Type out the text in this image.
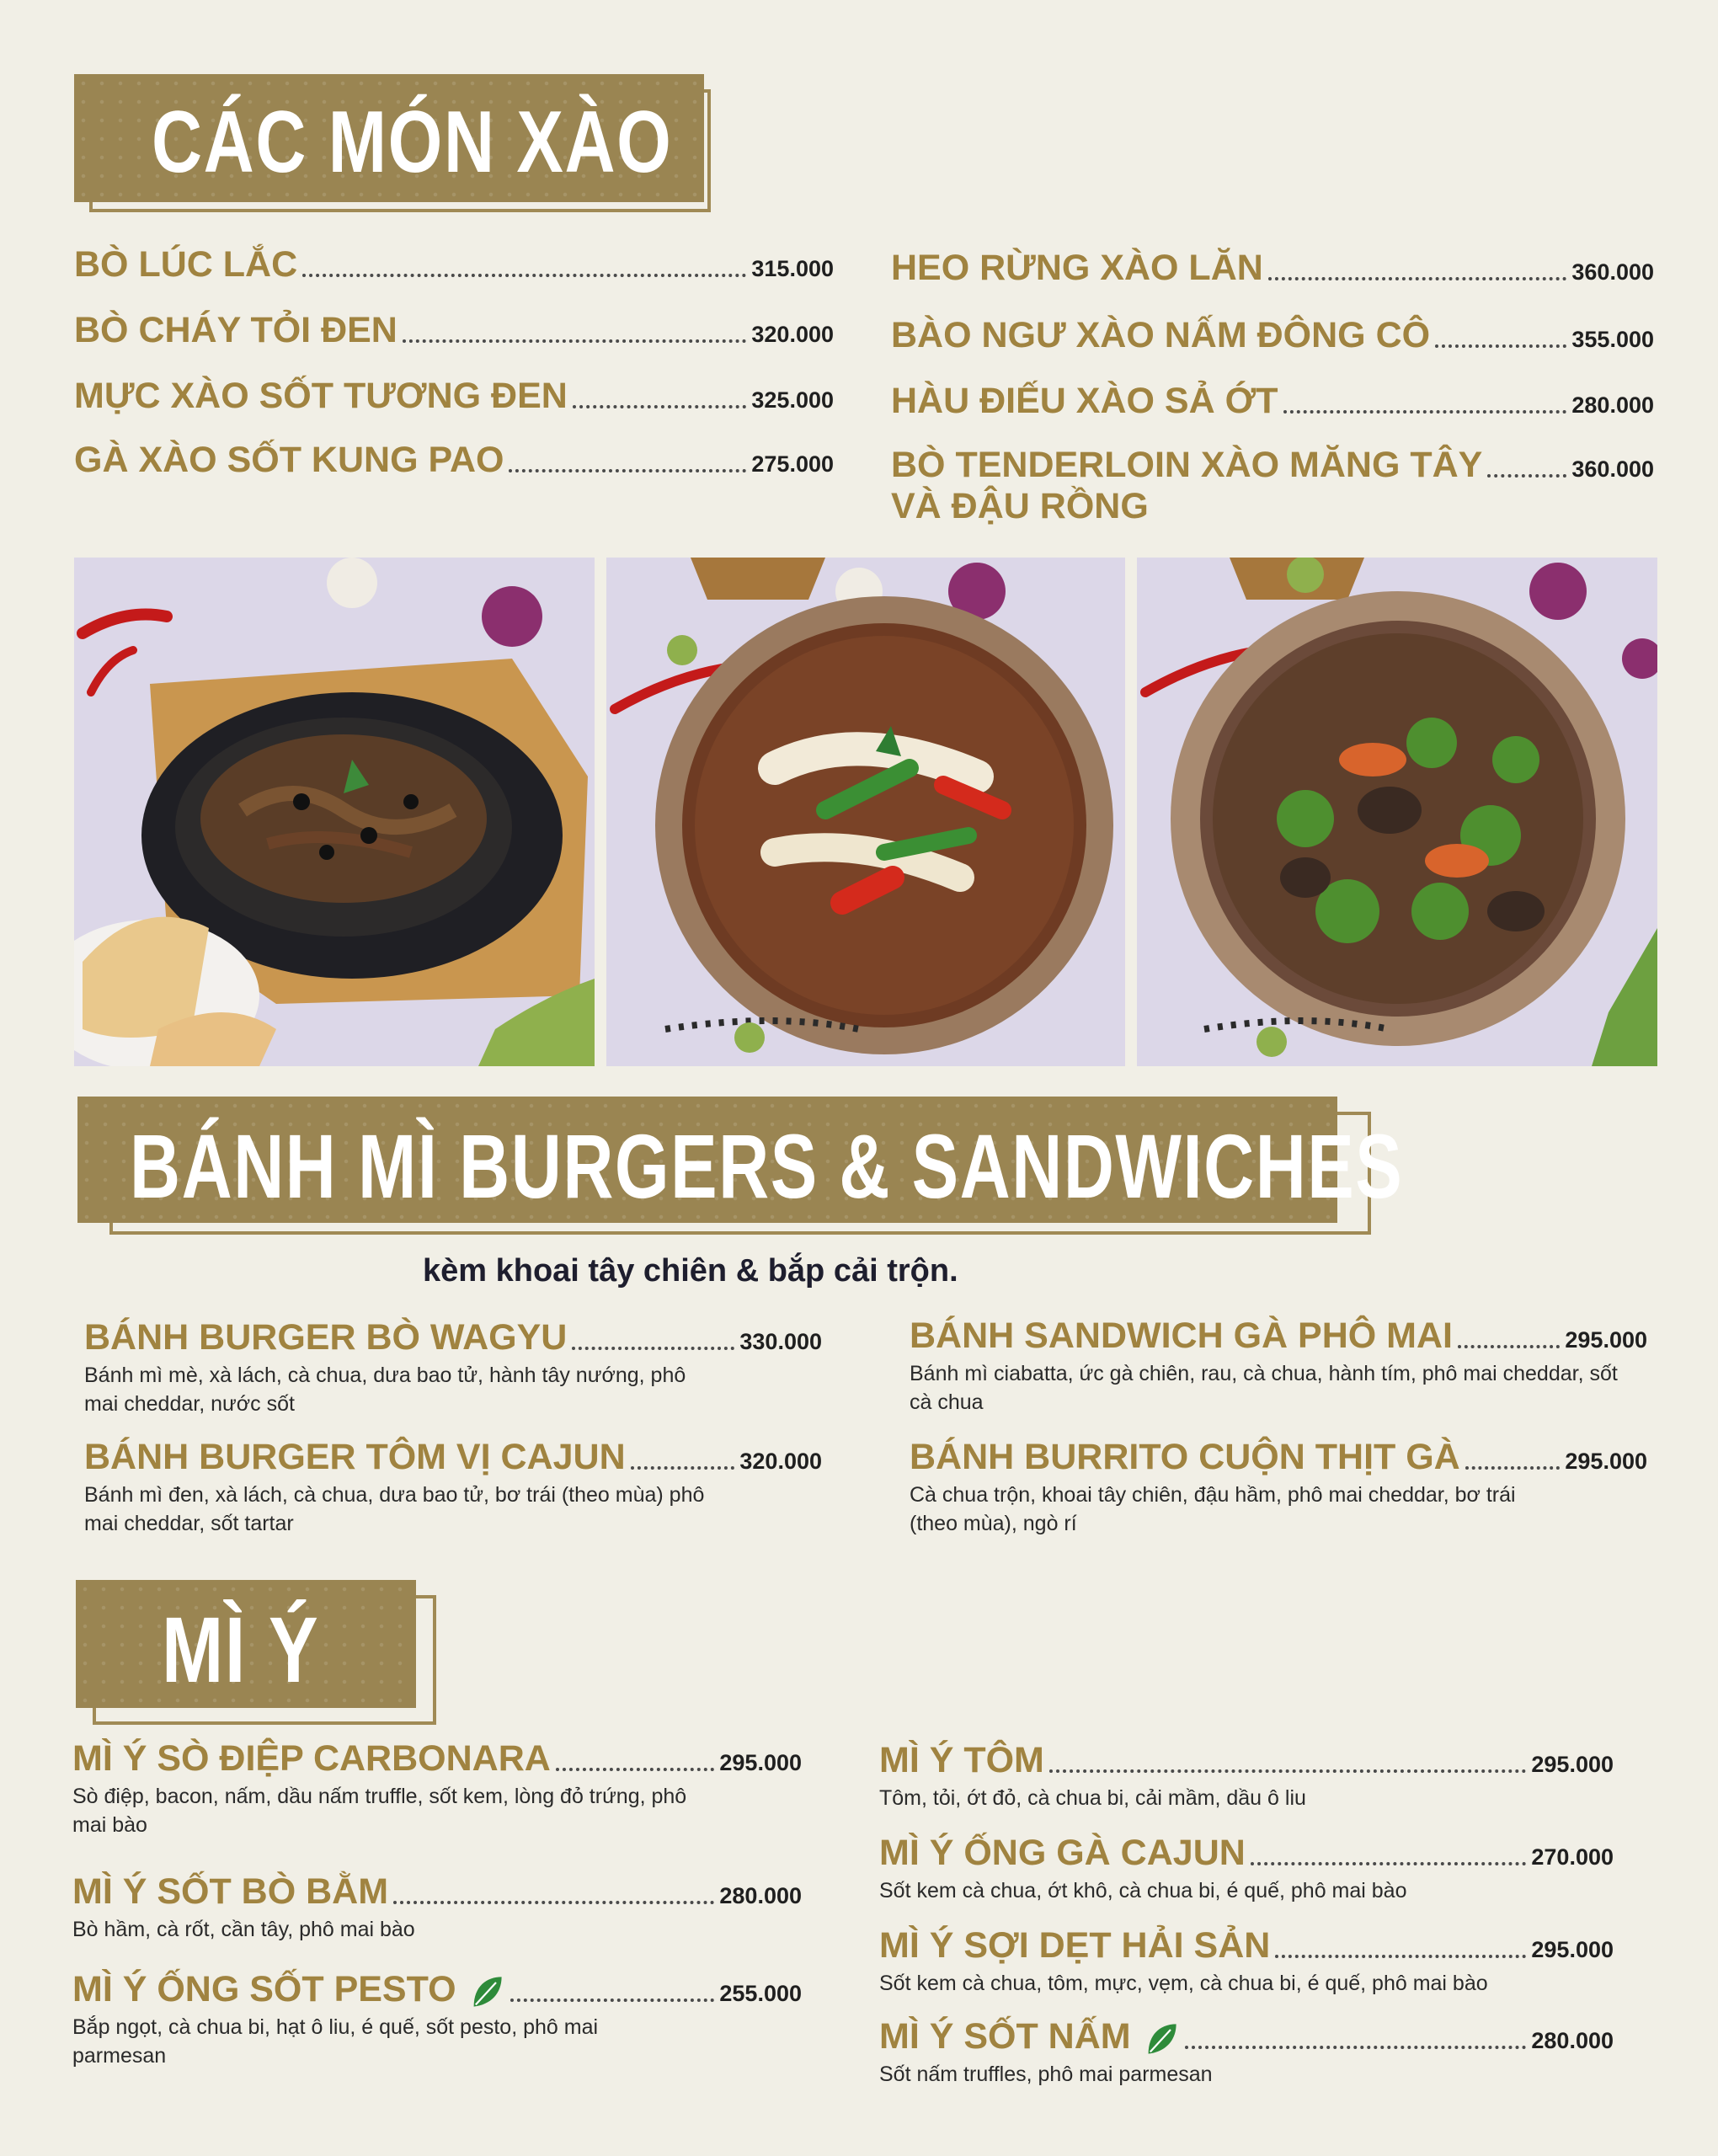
CÁC MÓN XÀO
BÒ LÚC LẮC	315.000
BÒ CHÁY TỎI ĐEN	320.000
MỰC XÀO SỐT TƯƠNG ĐEN	325.000
GÀ XÀO SỐT KUNG PAO	275.000
HEO RỪNG XÀO LĂN	360.000
BÀO NGƯ XÀO NẤM ĐÔNG CÔ	355.000
HÀU ĐIẾU XÀO SẢ ỚT	280.000
BÒ TENDERLOIN XÀO MĂNG TÂY	360.000
VÀ ĐẬU RỒNG
BÁNH MÌ BURGERS & SANDWICHES
kèm khoai tây chiên & bắp cải trộn.
BÁNH BURGER BÒ WAGYU	330.000
Bánh mì mè, xà lách, cà chua, dưa bao tử, hành tây nướng, phô mai cheddar, nước sốt
BÁNH BURGER TÔM VỊ CAJUN	320.000
Bánh mì đen, xà lách, cà chua, dưa bao tử, bơ trái (theo mùa) phô mai cheddar, sốt tartar
BÁNH SANDWICH GÀ PHÔ MAI	295.000
Bánh mì ciabatta, ức gà chiên, rau, cà chua, hành tím, phô mai cheddar, sốt cà chua
BÁNH BURRITO CUỘN THỊT GÀ	295.000
Cà chua trộn, khoai tây chiên, đậu hầm, phô mai cheddar, bơ trái (theo mùa), ngò rí
MÌ Ý
MÌ Ý SÒ ĐIỆP CARBONARA	295.000
Sò điệp, bacon, nấm, dầu nấm truffle, sốt kem, lòng đỏ trứng, phô mai bào
MÌ Ý SỐT BÒ BẰM	280.000
Bò hầm, cà rốt, cần tây, phô mai bào
MÌ Ý ỐNG SỐT PESTO	255.000
Bắp ngọt, cà chua bi, hạt ô liu, é quế, sốt pesto, phô mai parmesan
MÌ Ý TÔM	295.000
Tôm, tỏi, ớt đỏ, cà chua bi, cải mầm, dầu ô liu
MÌ Ý ỐNG GÀ CAJUN	270.000
Sốt kem cà chua, ớt khô, cà chua bi, é quế, phô mai bào
MÌ Ý SỢI DẸT HẢI SẢN	295.000
Sốt kem cà chua, tôm, mực, vẹm, cà chua bi, é quế, phô mai bào
MÌ Ý SỐT NẤM	280.000
Sốt nấm truffles, phô mai parmesan
